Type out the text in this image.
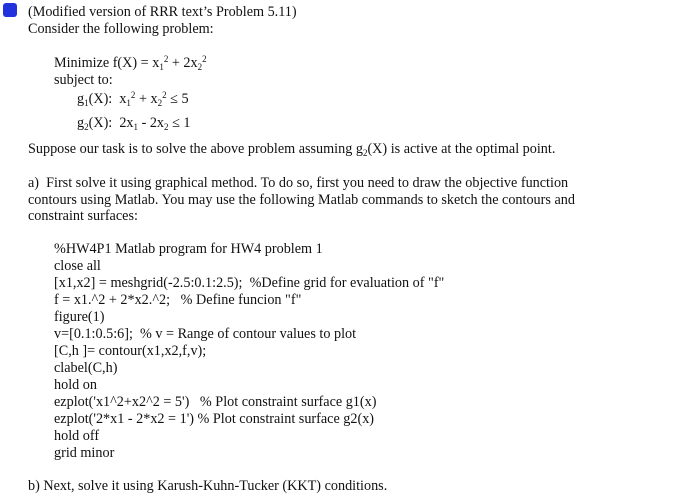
(Modified version of RRR text’s Problem 5.11)
Consider the following problem:
Minimize $f(X) = x_1^2 + 2x_2^2$
subject to:
$g_1(X)$:  $x_1^2 + x_2^2 \le 5$
$g_2(X)$:  $2x_1 - 2x_2 \le 1$
Suppose our task is to solve the above problem assuming $g_2(X)$ is active at the optimal point.
a)  First solve it using graphical method. To do so, first you need to draw the objective function
contours using Matlab. You may use the following Matlab commands to sketch the contours and
constraint surfaces:
%HW4P1 Matlab program for HW4 problem 1
close all
[x1,x2] = meshgrid(-2.5:0.1:2.5);  %Define grid for evaluation of "f"
f = x1.^2 + 2*x2.^2;   % Define funcion "f"
figure(1)
v=[0.1:0.5:6];  % v = Range of contour values to plot
[C,h ]= contour(x1,x2,f,v);
clabel(C,h)
hold on
ezplot('x1^2+x2^2 = 5')   % Plot constraint surface g1(x)
ezplot('2*x1 - 2*x2 = 1') % Plot constraint surface g2(x)
hold off
grid minor
b) Next, solve it using Karush-Kuhn-Tucker (KKT) conditions.
